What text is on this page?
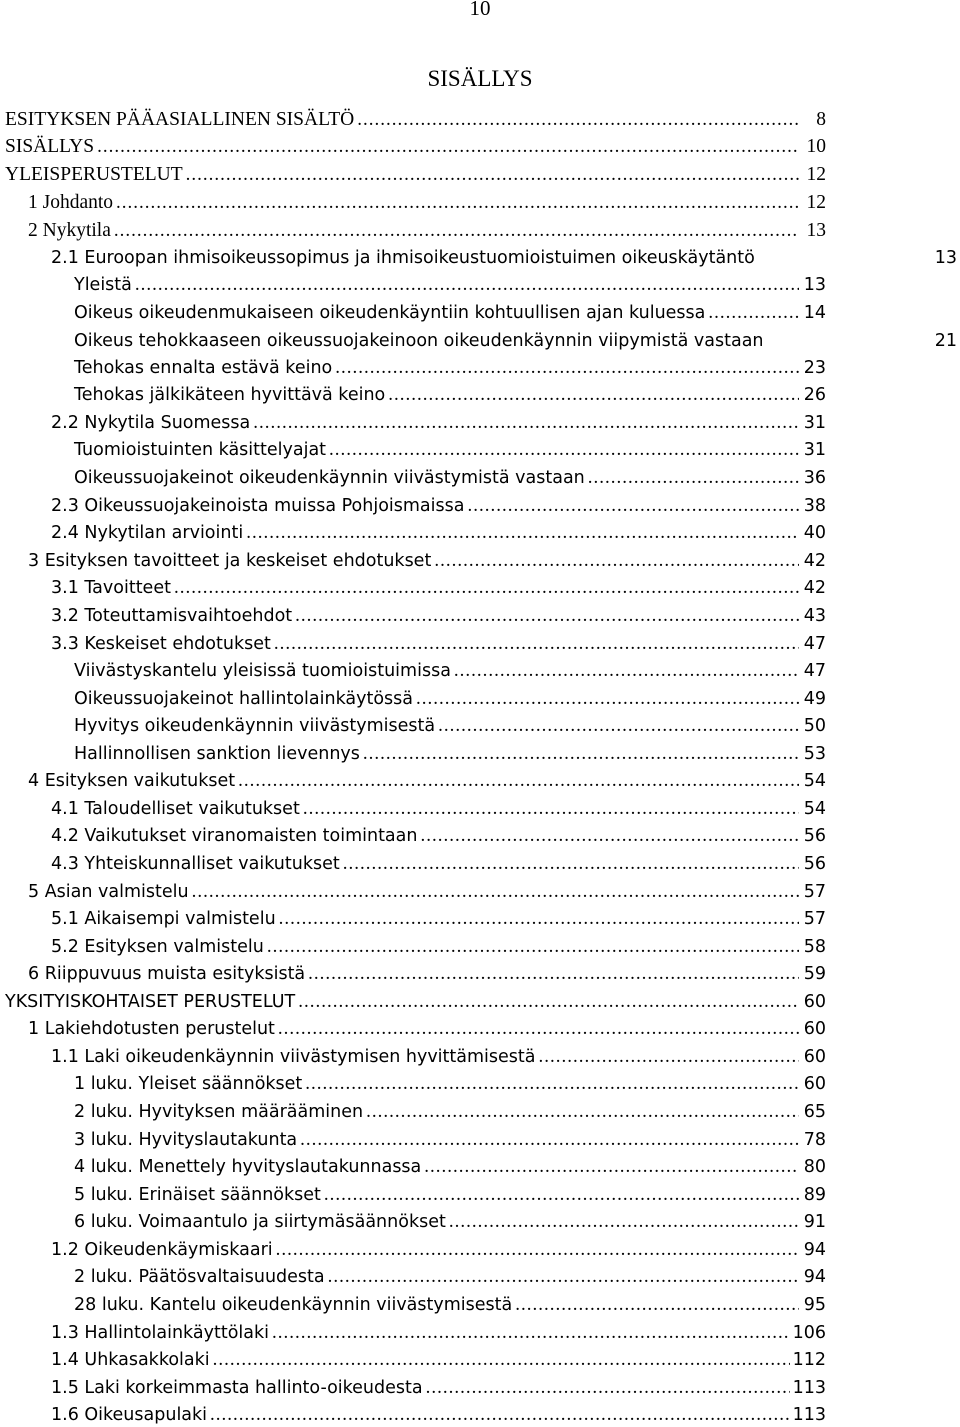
10
SISÄLLYS
ESITYKSEN PÄÄASIALLINEN SISÄLTÖ .....	8
SISÄLLYS .....	10
YLEISPERUSTELUT .....	12
1 Johdanto .....	12
2 Nykytila .....	13
2.1 Euroopan ihmisoikeussopimus ja ihmisoikeustuomioistuimen oikeuskäytäntö	13
Yleistä .....	13
Oikeus oikeudenmukaiseen oikeudenkäyntiin kohtuullisen ajan kuluessa .....	14
Oikeus tehokkaaseen oikeussuojakeinoon oikeudenkäynnin viipymistä vastaan	21
Tehokas ennalta estävä keino .....	23
Tehokas jälkikäteen hyvittävä keino .....	26
2.2 Nykytila Suomessa .....	31
Tuomioistuinten käsittelyajat .....	31
Oikeussuojakeinot oikeudenkäynnin viivästymistä vastaan .....	36
2.3 Oikeussuojakeinoista muissa Pohjoismaissa .....	38
2.4 Nykytilan arviointi .....	40
3 Esityksen tavoitteet ja keskeiset ehdotukset .....	42
3.1 Tavoitteet .....	42
3.2 Toteuttamisvaihtoehdot .....	43
3.3 Keskeiset ehdotukset .....	47
Viivästyskantelu yleisissä tuomioistuimissa .....	47
Oikeussuojakeinot hallintolainkäytössä .....	49
Hyvitys oikeudenkäynnin viivästymisestä .....	50
Hallinnollisen sanktion lievennys .....	53
4 Esityksen vaikutukset .....	54
4.1 Taloudelliset vaikutukset .....	54
4.2 Vaikutukset viranomaisten toimintaan .....	56
4.3 Yhteiskunnalliset vaikutukset .....	56
5 Asian valmistelu .....	57
5.1 Aikaisempi valmistelu .....	57
5.2 Esityksen valmistelu .....	58
6 Riippuvuus muista esityksistä .....	59
YKSITYISKOHTAISET PERUSTELUT .....	60
1 Lakiehdotusten perustelut .....	60
1.1 Laki oikeudenkäynnin viivästymisen hyvittämisestä .....	60
1 luku. Yleiset säännökset .....	60
2 luku. Hyvityksen määrääminen .....	65
3 luku. Hyvityslautakunta .....	78
4 luku. Menettely hyvityslautakunnassa .....	80
5 luku. Erinäiset säännökset .....	89
6 luku. Voimaantulo ja siirtymäsäännökset .....	91
1.2 Oikeudenkäymiskaari .....	94
2 luku. Päätösvaltaisuudesta .....	94
28 luku. Kantelu oikeudenkäynnin viivästymisestä .....	95
1.3 Hallintolainkäyttölaki .....	106
1.4 Uhkasakkolaki .....	112
1.5 Laki korkeimmasta hallinto-oikeudesta .....	113
1.6 Oikeusapulaki .....	113
